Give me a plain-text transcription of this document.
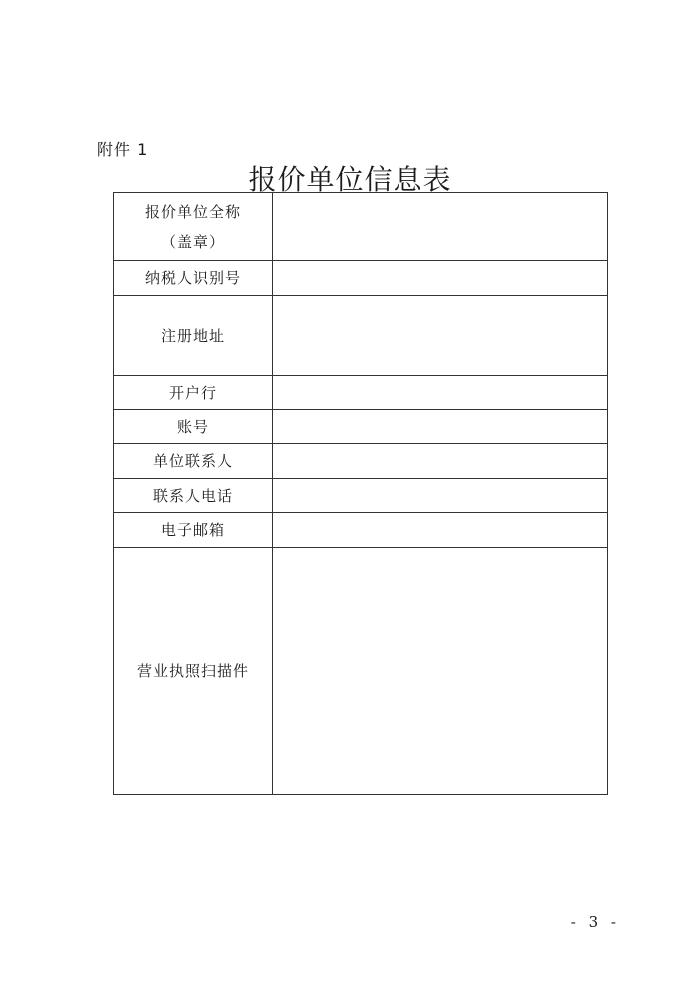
附件 1
报价单位信息表
报价单位全称
（盖章）	

纳税人识别号	
注册地址	
开户行	
账号	
单位联系人	
联系人电话	
电子邮箱	
营业执照扫描件	
- 3 -
